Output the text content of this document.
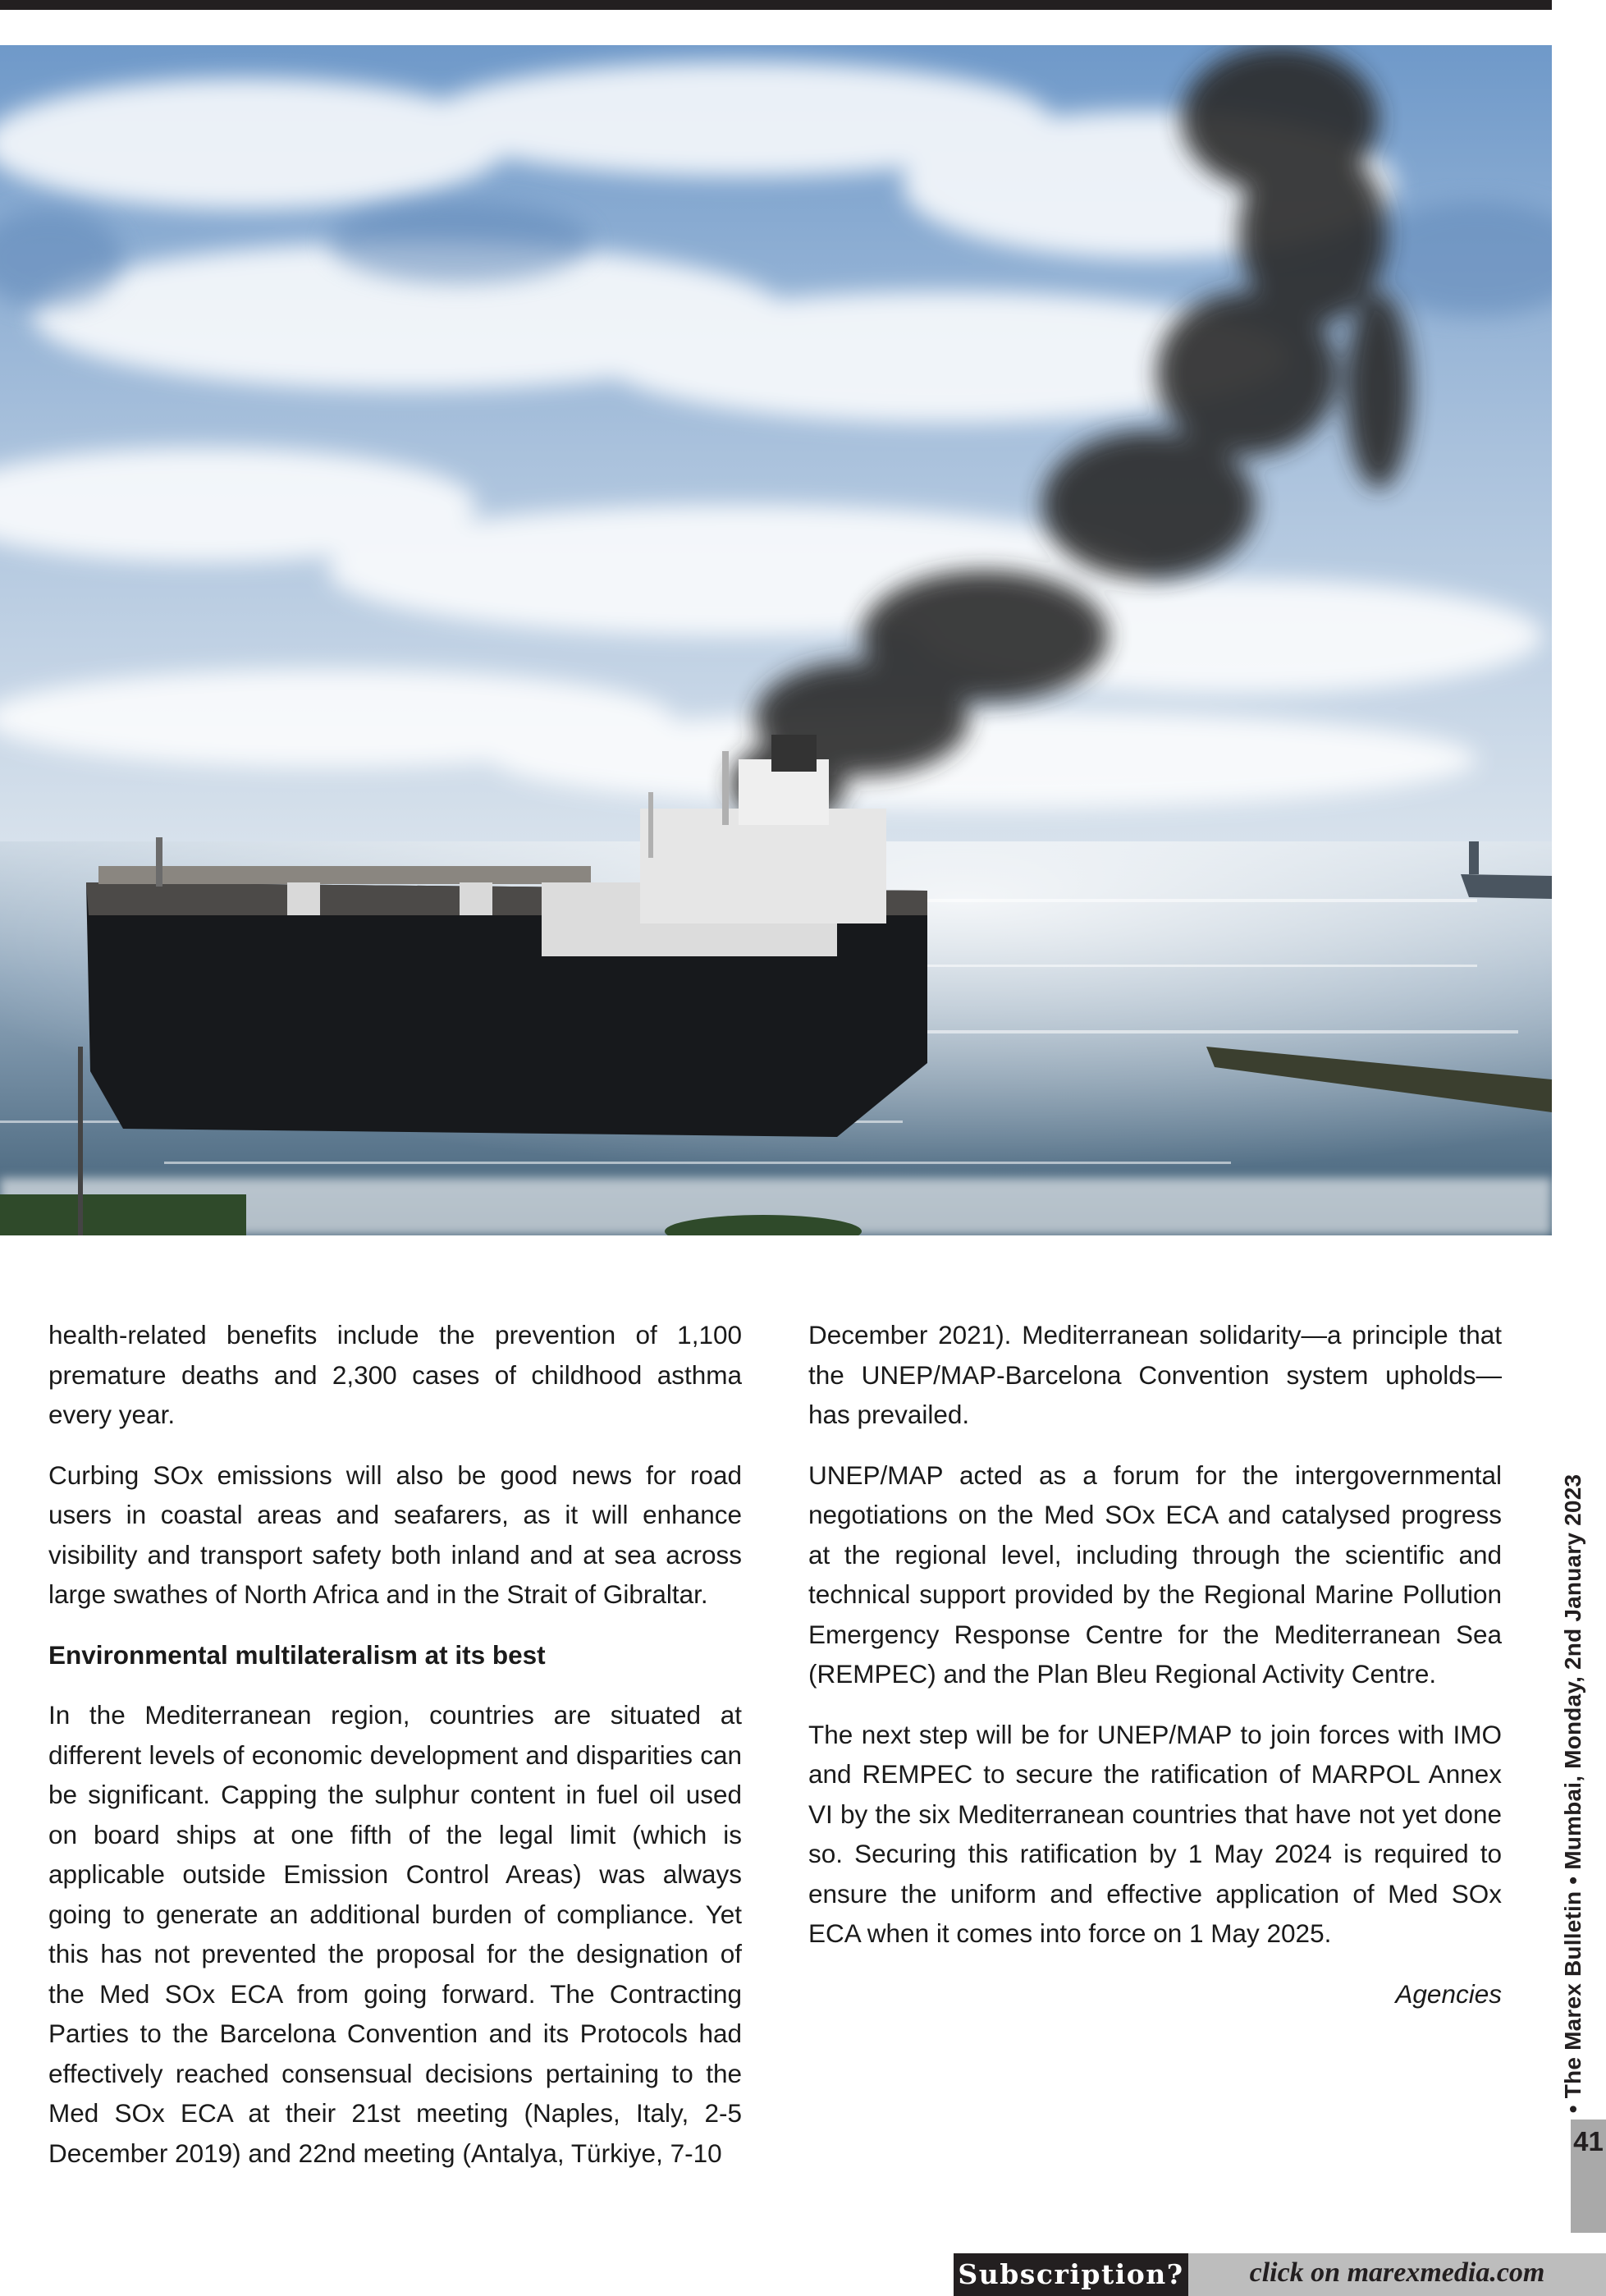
health-related benefits include the prevention of 1,100 premature deaths and 2,300 cases of childhood asthma every year.

Curbing SOx emissions will also be good news for road users in coastal areas and seafarers, as it will enhance visibility and transport safety both inland and at sea across large swathes of North Africa and in the Strait of Gibraltar.

Environmental multilateralism at its best

In the Mediterranean region, countries are situated at different levels of economic development and disparities can be significant. Capping the sulphur content in fuel oil used on board ships at one fifth of the legal limit (which is applicable outside Emission Control Areas) was always going to generate an additional burden of compliance. Yet this has not prevented the proposal for the designation of the Med SOx ECA from going forward. The Contracting Parties to the Barcelona Convention and its Protocols had effectively reached consensual decisions pertaining to the Med SOx ECA at their 21st meeting (Naples, Italy, 2-5 December 2019) and 22nd meeting (Antalya, Türkiye, 7-10

December 2021). Mediterranean solidarity—a principle that the UNEP/MAP-Barcelona Convention system upholds—has prevailed.

UNEP/MAP acted as a forum for the intergovernmental negotiations on the Med SOx ECA and catalysed progress at the regional level, including through the scientific and technical support provided by the Regional Marine Pollution Emergency Response Centre for the Mediterranean Sea (REMPEC) and the Plan Bleu Regional Activity Centre.

The next step will be for UNEP/MAP to join forces with IMO and REMPEC to secure the ratification of MARPOL Annex VI by the six Mediterranean countries that have not yet done so. Securing this ratification by 1 May 2024 is required to ensure the uniform and effective application of Med SOx ECA when it comes into force on 1 May 2025.

Agencies	• The Marex Bulletin • Mumbai, Monday, 2nd January 2023
41
Subscription?	click on marexmedia.com
